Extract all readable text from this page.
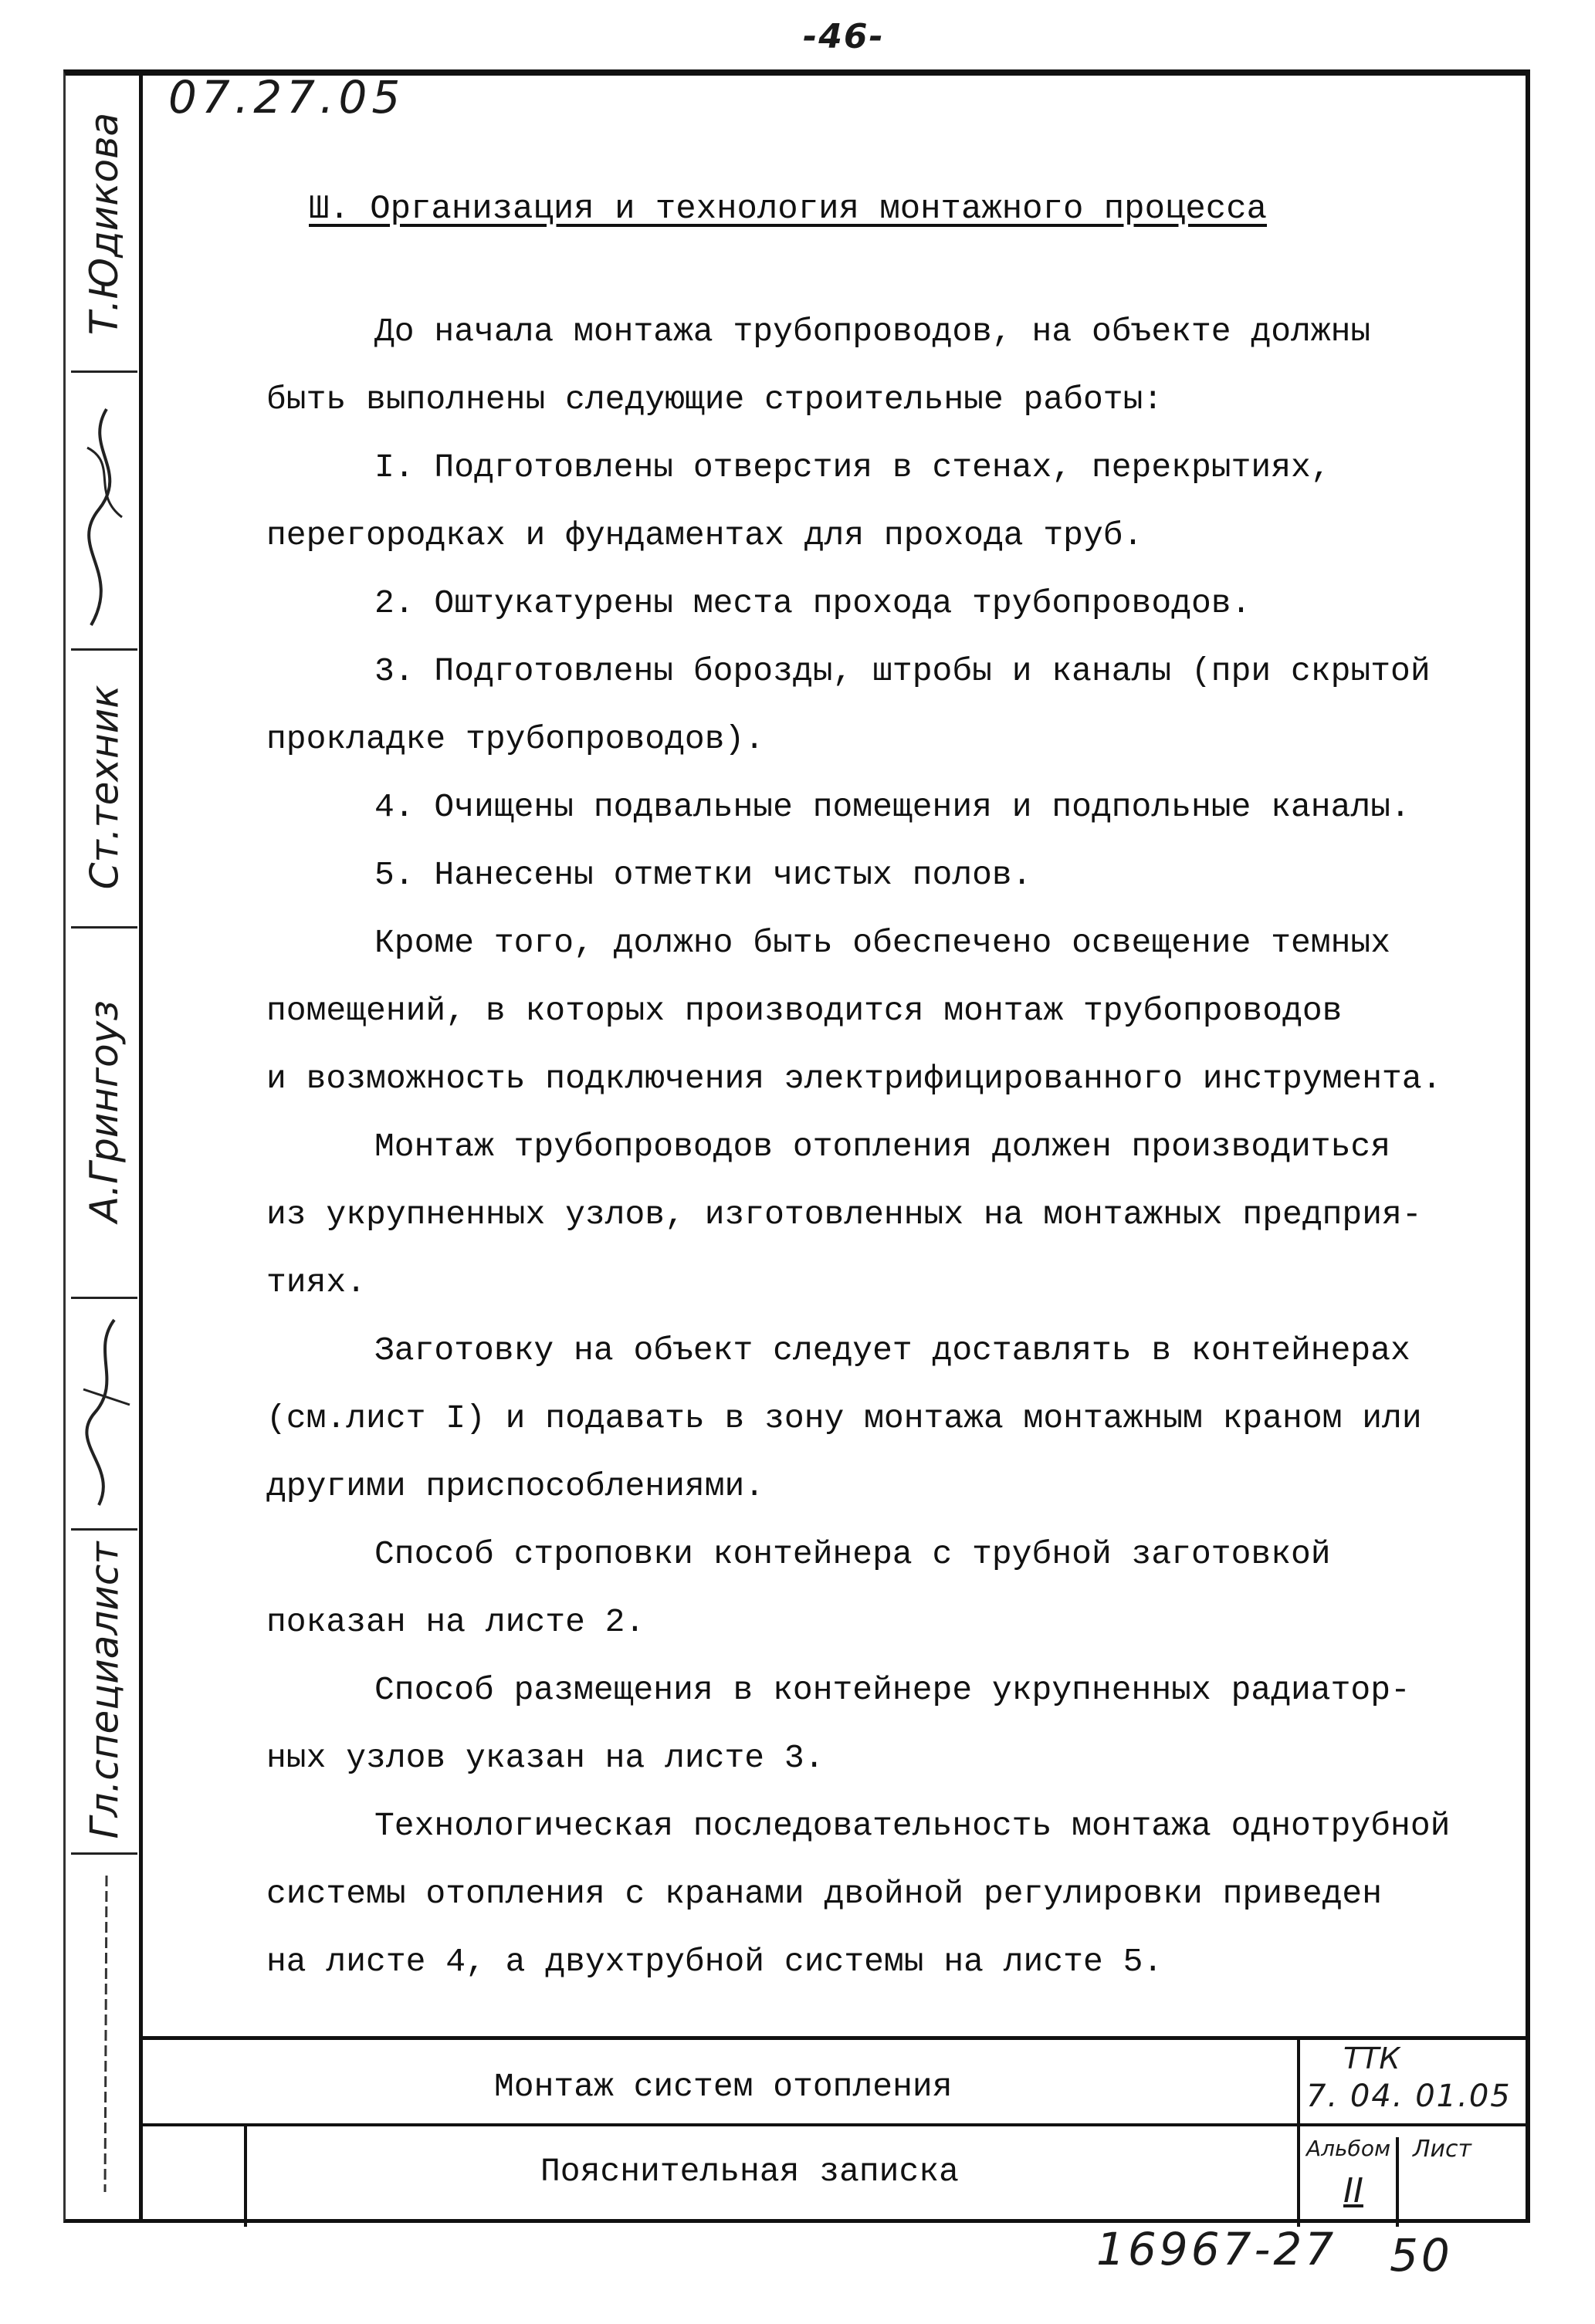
-46-
Т.Юдикова
Ст.техник
А.Грингоуз
Гл.специалист
07.27.05
Ш. Организация и технология монтажного процесса
До начала монтажа трубопроводов, на объекте должны
быть выполнены следующие строительные работы:
I. Подготовлены отверстия в стенах, перекрытиях,
перегородках и фундаментах для прохода труб.
2. Оштукатурены места прохода трубопроводов.
3. Подготовлены борозды, штробы и каналы (при скрытой
прокладке трубопроводов).
4. Очищены подвальные помещения и подпольные каналы.
5. Нанесены отметки чистых полов.
Кроме того, должно быть обеспечено освещение темных
помещений, в которых производится монтаж трубопроводов
и возможность подключения электрифицированного инструмента.
Монтаж трубопроводов отопления должен производиться
из укрупненных узлов, изготовленных на монтажных предприя-
тиях.
Заготовку на объект следует доставлять в контейнерах
(см.лист I) и подавать в зону монтажа монтажным краном или
другими приспособлениями.
Способ строповки контейнера с трубной заготовкой
показан на листе 2.
Способ размещения в контейнере укрупненных радиатор-
ных узлов указан на листе 3.
Технологическая последовательность монтажа однотрубной
системы отопления с кранами двойной регулировки приведен
на листе 4, а двухтрубной системы на листе 5.
Монтаж систем отопления
Пояснительная записка
ТТК
7. 04. 01.05
Альбом
II
Лист
16967-27 50
